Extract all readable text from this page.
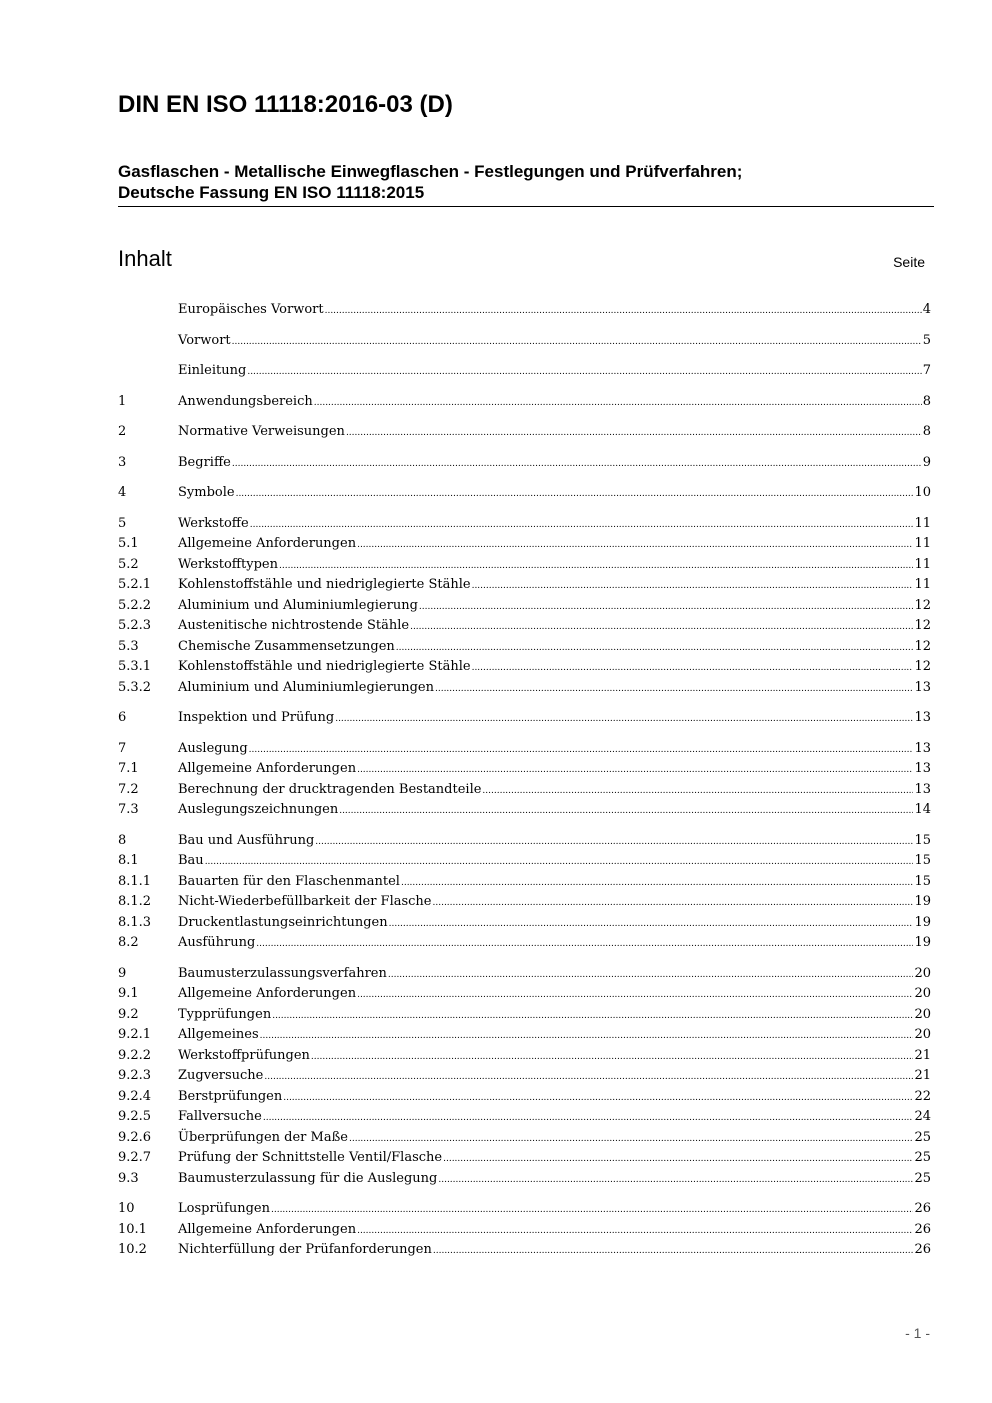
DIN EN ISO 11118:2016-03 (D)
Gasflaschen - Metallische Einwegflaschen - Festlegungen und Prüfverfahren;
Deutsche Fassung EN ISO 11118:2015
Inhalt	Seite
Europäisches Vorwort .....	4
Vorwort .....	5
Einleitung .....	7
1	Anwendungsbereich .....	8
2	Normative Verweisungen .....	8
3	Begriffe .....	9
4	Symbole .....	10
5	Werkstoffe .....	11
5.1	Allgemeine Anforderungen .....	11
5.2	Werkstofftypen .....	11
5.2.1	Kohlenstoffstähle und niedriglegierte Stähle .....	11
5.2.2	Aluminium und Aluminiumlegierung .....	12
5.2.3	Austenitische nichtrostende Stähle .....	12
5.3	Chemische Zusammensetzungen .....	12
5.3.1	Kohlenstoffstähle und niedriglegierte Stähle .....	12
5.3.2	Aluminium und Aluminiumlegierungen .....	13
6	Inspektion und Prüfung .....	13
7	Auslegung .....	13
7.1	Allgemeine Anforderungen .....	13
7.2	Berechnung der drucktragenden Bestandteile .....	13
7.3	Auslegungszeichnungen .....	14
8	Bau und Ausführung .....	15
8.1	Bau .....	15
8.1.1	Bauarten für den Flaschenmantel .....	15
8.1.2	Nicht-Wiederbefüllbarkeit der Flasche .....	19
8.1.3	Druckentlastungseinrichtungen .....	19
8.2	Ausführung .....	19
9	Baumusterzulassungsverfahren .....	20
9.1	Allgemeine Anforderungen .....	20
9.2	Typprüfungen .....	20
9.2.1	Allgemeines .....	20
9.2.2	Werkstoffprüfungen .....	21
9.2.3	Zugversuche .....	21
9.2.4	Berstprüfungen .....	22
9.2.5	Fallversuche .....	24
9.2.6	Überprüfungen der Maße .....	25
9.2.7	Prüfung der Schnittstelle Ventil/Flasche .....	25
9.3	Baumusterzulassung für die Auslegung .....	25
10	Losprüfungen .....	26
10.1	Allgemeine Anforderungen .....	26
10.2	Nichterfüllung der Prüfanforderungen .....	26
- 1 -
